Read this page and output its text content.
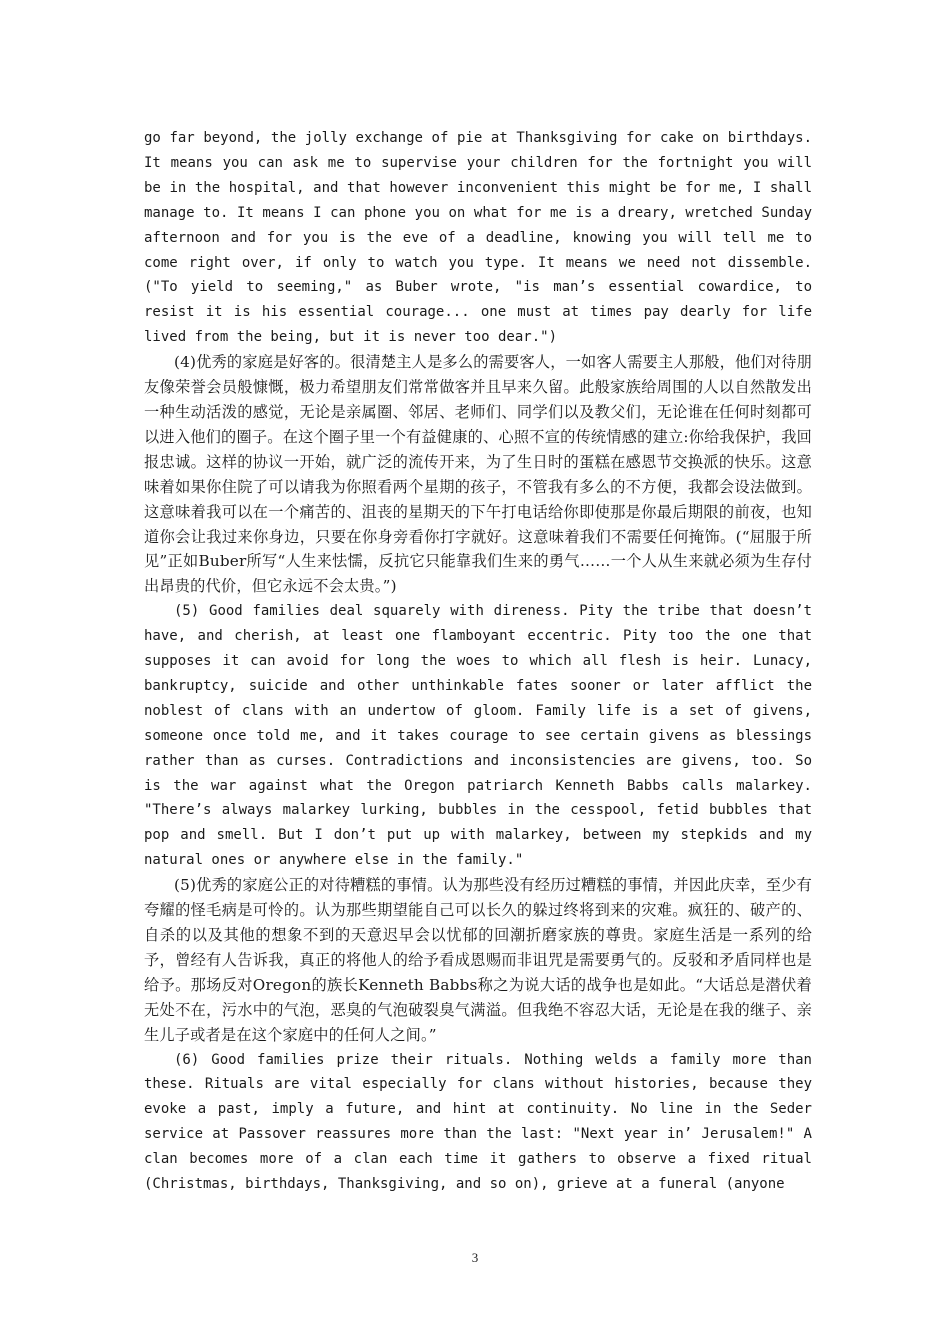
go far beyond, the jolly exchange of pie at Thanksgiving for cake on birthdays. It means you can ask me to supervise your children for the fortnight you will be in the hospital, and that however inconvenient this might be for me, I shall manage to. It means I can phone you on what for me is a dreary, wretched Sunday afternoon and for you is the eve of a deadline, knowing you will tell me to come right over, if only to watch you type. It means we need not dissemble. ("To yield to seeming," as Buber wrote, "is man’s essential cowardice, to resist it is his essential courage... one must at times pay dearly for life lived from the being, but it is never too dear.")

(4)优秀的家庭是好客的。很清楚主人是多么的需要客人，一如客人需要主人那般，他们对待朋友像荣誉会员般慷慨，极力希望朋友们常常做客并且早来久留。此般家族给周围的人以自然散发出一种生动活泼的感觉，无论是亲属圈、邻居、老师们、同学们以及教父们，无论谁在任何时刻都可以进入他们的圈子。在这个圈子里一个有益健康的、心照不宣的传统情感的建立:你给我保护，我回报忠诚。这样的协议一开始，就广泛的流传开来，为了生日时的蛋糕在感恩节交换派的快乐。这意味着如果你住院了可以请我为你照看两个星期的孩子，不管我有多么的不方便，我都会设法做到。这意味着我可以在一个痛苦的、沮丧的星期天的下午打电话给你即使那是你最后期限的前夜，也知道你会让我过来你身边，只要在你身旁看你打字就好。这意味着我们不需要任何掩饰。(“屈服于所见”正如Buber所写“人生来怯懦，反抗它只能靠我们生来的勇气……一个人从生来就必须为生存付出昂贵的代价，但它永远不会太贵。”)

(5) Good families deal squarely with direness. Pity the tribe that doesn’t have, and cherish, at least one flamboyant eccentric. Pity too the one that supposes it can avoid for long the woes to which all flesh is heir. Lunacy, bankruptcy, suicide and other unthinkable fates sooner or later afflict the noblest of clans with an undertow of gloom. Family life is a set of givens, someone once told me, and it takes courage to see certain givens as blessings rather than as curses. Contradictions and inconsistencies are givens, too. So is the war against what the Oregon patriarch Kenneth Babbs calls malarkey. "There’s always malarkey lurking, bubbles in the cesspool, fetid bubbles that pop and smell. But I don’t put up with malarkey, between my stepkids and my natural ones or anywhere else in the family."

(5)优秀的家庭公正的对待糟糕的事情。认为那些没有经历过糟糕的事情，并因此庆幸，至少有夸耀的怪毛病是可怜的。认为那些期望能自己可以长久的躲过终将到来的灾难。疯狂的、破产的、自杀的以及其他的想象不到的天意迟早会以忧郁的回潮折磨家族的尊贵。家庭生活是一系列的给予，曾经有人告诉我，真正的将他人的给予看成恩赐而非诅咒是需要勇气的。反驳和矛盾同样也是给予。那场反对Oregon的族长Kenneth Babbs称之为说大话的战争也是如此。“大话总是潜伏着无处不在，污水中的气泡，恶臭的气泡破裂臭气满溢。但我绝不容忍大话，无论是在我的继子、亲生儿子或者是在这个家庭中的任何人之间。”

(6) Good families prize their rituals. Nothing welds a family more than these. Rituals are vital especially for clans without histories, because they evoke a past, imply a future, and hint at continuity. No line in the Seder service at Passover reassures more than the last: "Next year in’ Jerusalem!" A clan becomes more of a clan each time it gathers to observe a fixed ritual (Christmas, birthdays, Thanksgiving, and so on), grieve at a funeral (anyone

3
